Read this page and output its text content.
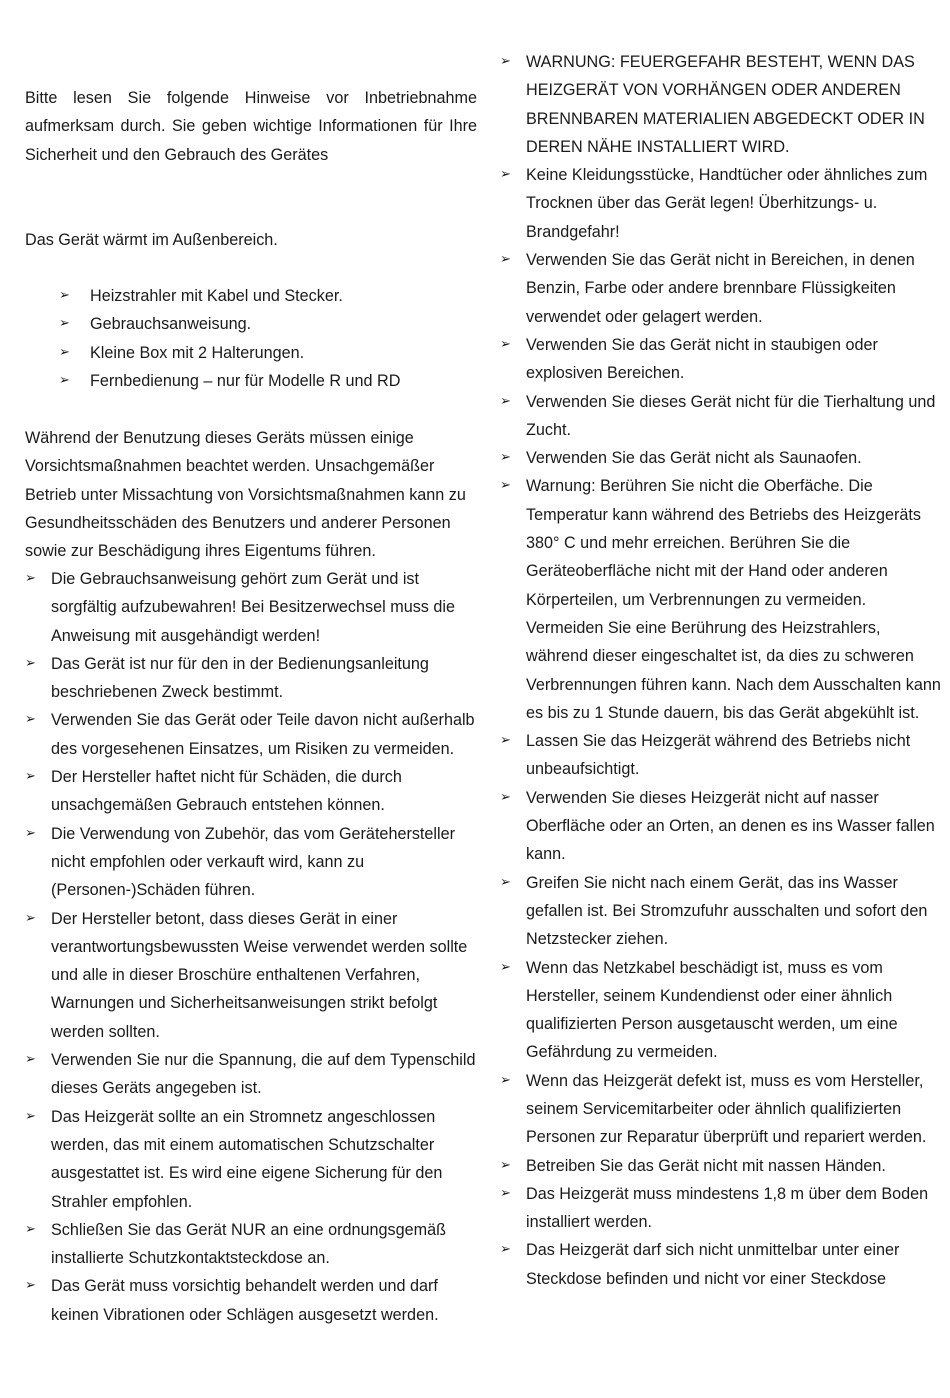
Bitte lesen Sie folgende Hinweise vor Inbetriebnahme aufmerksam durch. Sie geben wichtige Informationen für Ihre Sicherheit und den Gebrauch des Gerätes

Das Gerät wärmt im Außenbereich.

➢ Heizstrahler mit Kabel und Stecker.
➢ Gebrauchsanweisung.
➢ Kleine Box mit 2 Halterungen.
➢ Fernbedienung – nur für Modelle R und RD

Während der Benutzung dieses Geräts müssen einige Vorsichtsmaßnahmen beachtet werden. Unsachgemäßer Betrieb unter Missachtung von Vorsichtsmaßnahmen kann zu Gesundheitsschäden des Benutzers und anderer Personen sowie zur Beschädigung ihres Eigentums führen.

➢ Die Gebrauchsanweisung gehört zum Gerät und ist sorgfältig aufzubewahren! Bei Besitzerwechsel muss die Anweisung mit ausgehändigt werden!
➢ Das Gerät ist nur für den in der Bedienungsanleitung beschriebenen Zweck bestimmt.
➢ Verwenden Sie das Gerät oder Teile davon nicht außerhalb des vorgesehenen Einsatzes, um Risiken zu vermeiden.
➢ Der Hersteller haftet nicht für Schäden, die durch unsachgemäßen Gebrauch entstehen können.
➢ Die Verwendung von Zubehör, das vom Gerätehersteller nicht empfohlen oder verkauft wird, kann zu (Personen-)Schäden führen.
➢ Der Hersteller betont, dass dieses Gerät in einer verantwortungsbewussten Weise verwendet werden sollte und alle in dieser Broschüre enthaltenen Verfahren, Warnungen und Sicherheitsanweisungen strikt befolgt werden sollten.
➢ Verwenden Sie nur die Spannung, die auf dem Typenschild dieses Geräts angegeben ist.
➢ Das Heizgerät sollte an ein Stromnetz angeschlossen werden, das mit einem automatischen Schutzschalter ausgestattet ist. Es wird eine eigene Sicherung für den Strahler empfohlen.
➢ Schließen Sie das Gerät NUR an eine ordnungsgemäß installierte Schutzkontaktsteckdose an.
➢ Das Gerät muss vorsichtig behandelt werden und darf keinen Vibrationen oder Schlägen ausgesetzt werden.
➢ WARNUNG: FEUERGEFAHR BESTEHT, WENN DAS HEIZGERÄT VON VORHÄNGEN ODER ANDEREN BRENNBAREN MATERIALIEN ABGEDECKT ODER IN DEREN NÄHE INSTALLIERT WIRD.
➢ Keine Kleidungsstücke, Handtücher oder ähnliches zum Trocknen über das Gerät legen! Überhitzungs- u. Brandgefahr!
➢ Verwenden Sie das Gerät nicht in Bereichen, in denen Benzin, Farbe oder andere brennbare Flüssigkeiten verwendet oder gelagert werden.
➢ Verwenden Sie das Gerät nicht in staubigen oder explosiven Bereichen.
➢ Verwenden Sie dieses Gerät nicht für die Tierhaltung und Zucht.
➢ Verwenden Sie das Gerät nicht als Saunaofen.
➢ Warnung: Berühren Sie nicht die Oberfäche. Die Temperatur kann während des Betriebs des Heizgeräts 380° C und mehr erreichen. Berühren Sie die Geräteoberfläche nicht mit der Hand oder anderen Körperteilen, um Verbrennungen zu vermeiden. Vermeiden Sie eine Berührung des Heizstrahlers, während dieser eingeschaltet ist, da dies zu schweren Verbrennungen führen kann. Nach dem Ausschalten kann es bis zu 1 Stunde dauern, bis das Gerät abgekühlt ist.
➢ Lassen Sie das Heizgerät während des Betriebs nicht unbeaufsichtigt.
➢ Verwenden Sie dieses Heizgerät nicht auf nasser Oberfläche oder an Orten, an denen es ins Wasser fallen kann.
➢ Greifen Sie nicht nach einem Gerät, das ins Wasser gefallen ist. Bei Stromzufuhr ausschalten und sofort den Netzstecker ziehen.
➢ Wenn das Netzkabel beschädigt ist, muss es vom Hersteller, seinem Kundendienst oder einer ähnlich qualifizierten Person ausgetauscht werden, um eine Gefährdung zu vermeiden.
➢ Wenn das Heizgerät defekt ist, muss es vom Hersteller, seinem Servicemitarbeiter oder ähnlich qualifizierten Personen zur Reparatur überprüft und repariert werden.
➢ Betreiben Sie das Gerät nicht mit nassen Händen.
➢ Das Heizgerät muss mindestens 1,8 m über dem Boden installiert werden.
➢ Das Heizgerät darf sich nicht unmittelbar unter einer Steckdose befinden und nicht vor einer Steckdose
